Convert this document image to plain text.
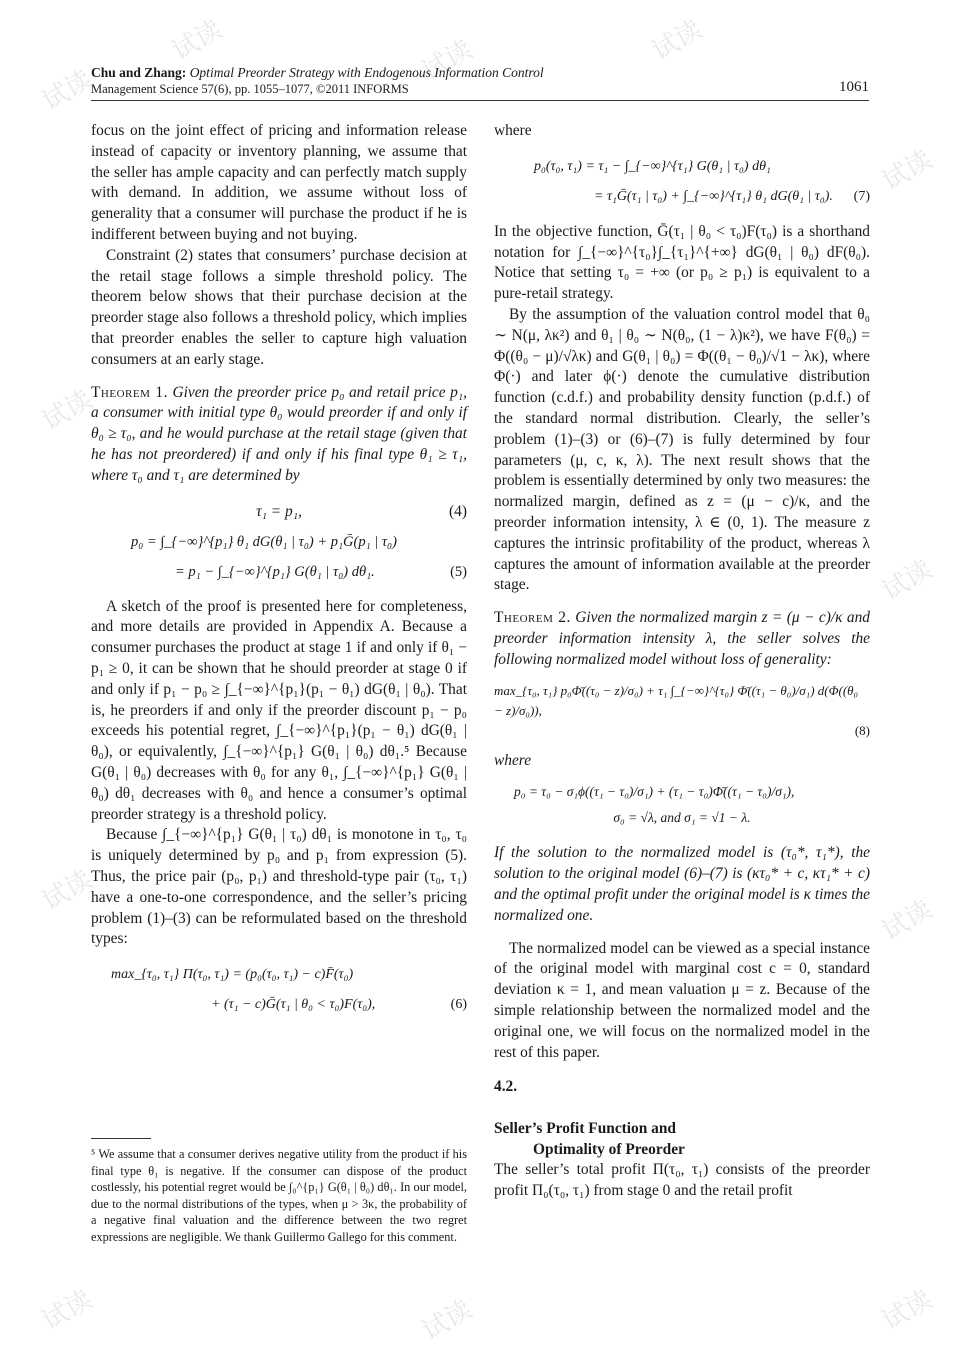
试读
试读	试读	试读
试读
试读
试读
试读
试读
试读	试读	试读
Chu and Zhang: Optimal Preorder Strategy with Endogenous Information Control
Management Science 57(6), pp. 1055–1077, ©2011 INFORMS	1061

focus on the joint effect of pricing and information release instead of capacity or inventory planning, we assume that the seller has ample capacity and can perfectly match supply with demand. In addition, we assume without loss of generality that a consumer will purchase the product if he is indifferent between buying and not buying.

Constraint (2) states that consumers’ purchase decision at the retail stage follows a simple threshold policy. The theorem below shows that their purchase decision at the preorder stage also follows a threshold policy, which implies that preorder enables the seller to capture high valuation consumers at an early stage.

Theorem 1. Given the preorder price p₀ and retail price p₁, a consumer with initial type θ₀ would preorder if and only if θ₀ ≥ τ₀, and he would purchase at the retail stage (given that he has not preordered) if and only if his final type θ₁ ≥ τ₁, where τ₀ and τ₁ are determined by

τ₁ = p₁,	(4)
p₀ = ∫_{−∞}^{p₁} θ₁ dG(θ₁ | τ₀) + p₁Ḡ(p₁ | τ₀)
= p₁ − ∫_{−∞}^{p₁} G(θ₁ | τ₀) dθ₁.	(5)

A sketch of the proof is presented here for completeness, and more details are provided in Appendix A. Because a consumer purchases the product at stage 1 if and only if θ₁ − p₁ ≥ 0, it can be shown that he should preorder at stage 0 if and only if p₁ − p₀ ≥ ∫_{−∞}^{p₁}(p₁ − θ₁) dG(θ₁ | θ₀). That is, he preorders if and only if the preorder discount p₁ − p₀ exceeds his potential regret, ∫_{−∞}^{p₁}(p₁ − θ₁) dG(θ₁ | θ₀), or equivalently, ∫_{−∞}^{p₁} G(θ₁ | θ₀) dθ₁.⁵ Because G(θ₁ | θ₀) decreases with θ₀ for any θ₁, ∫_{−∞}^{p₁} G(θ₁ | θ₀) dθ₁ decreases with θ₀ and hence a consumer’s optimal preorder strategy is a threshold policy.

Because ∫_{−∞}^{p₁} G(θ₁ | τ₀) dθ₁ is monotone in τ₀, τ₀ is uniquely determined by p₀ and p₁ from expression (5). Thus, the price pair (p₀, p₁) and threshold-type pair (τ₀, τ₁) have a one-to-one correspondence, and the seller’s pricing problem (1)–(3) can be reformulated based on the threshold types:

max_{τ₀, τ₁} Π(τ₀, τ₁) = (p₀(τ₀, τ₁) − c)F̄(τ₀)
+ (τ₁ − c)Ḡ(τ₁ | θ₀ < τ₀)F(τ₀),	(6)
⁵ We assume that a consumer derives negative utility from the product if his final type θ₁ is negative. If the consumer can dispose of the product costlessly, his potential regret would be ∫₀^{p₁} G(θ₁ | θ₀) dθ₁. In our model, due to the normal distributions of the types, when μ > 3κ, the probability of a negative final valuation and the difference between the two regret expressions are negligible. We thank Guillermo Gallego for this comment.

where

p₀(τ₀, τ₁) = τ₁ − ∫_{−∞}^{τ₁} G(θ₁ | τ₀) dθ₁
= τ₁Ḡ(τ₁ | τ₀) + ∫_{−∞}^{τ₁} θ₁ dG(θ₁ | τ₀). (7)

In the objective function, Ḡ(τ₁ | θ₀ < τ₀)F(τ₀) is a shorthand notation for ∫_{−∞}^{τ₀}∫_{τ₁}^{+∞} dG(θ₁ | θ₀) dF(θ₀). Notice that setting τ₀ = +∞ (or p₀ ≥ p₁) is equivalent to a pure-retail strategy.

By the assumption of the valuation control model that θ₀ ∼ N(μ, λκ²) and θ₁ | θ₀ ∼ N(θ₀, (1 − λ)κ²), we have F(θ₀) = Φ((θ₀ − μ)/√λκ) and G(θ₁ | θ₀) = Φ((θ₁ − θ₀)/√1 − λκ), where Φ(·) and later ϕ(·) denote the cumulative distribution function (c.d.f.) and probability density function (p.d.f.) of the standard normal distribution. Clearly, the seller’s problem (1)–(3) or (6)–(7) is fully determined by four parameters (μ, c, κ, λ). The next result shows that the problem is essentially determined by only two measures: the normalized margin, defined as z = (μ − c)/κ, and the preorder information intensity, λ ∈ (0, 1). The measure z captures the intrinsic profitability of the product, whereas λ captures the amount of information available at the preorder stage.

Theorem 2. Given the normalized margin z = (μ − c)/κ and preorder information intensity λ, the seller solves the following normalized model without loss of generality:

max_{τ₀, τ₁} p₀Φ̄((τ₀ − z)/σ₀) + τ₁ ∫_{−∞}^{τ₀} Φ̄((τ₁ − θ₀)/σ₁) d(Φ((θ₀ − z)/σ₀)),
(8)

where

p₀ = τ₀ − σ₁ϕ((τ₁ − τ₀)/σ₁) + (τ₁ − τ₀)Φ̄((τ₁ − τ₀)/σ₁),
σ₀ = √λ, and σ₁ = √1 − λ.

If the solution to the normalized model is (τ₀*, τ₁*), the solution to the original model (6)–(7) is (κτ₀* + c, κτ₁* + c) and the optimal profit under the original model is κ times the normalized one.

The normalized model can be viewed as a special instance of the original model with marginal cost c = 0, standard deviation κ = 1, and mean valuation μ = z. Because of the simple relationship between the normalized model and the original one, we will focus on the normalized model in the rest of this paper.

4.2.

Seller’s Profit Function and
Optimality of Preorder

The seller’s total profit Π(τ₀, τ₁) consists of the preorder profit Π₀(τ₀, τ₁) from stage 0 and the retail profit
